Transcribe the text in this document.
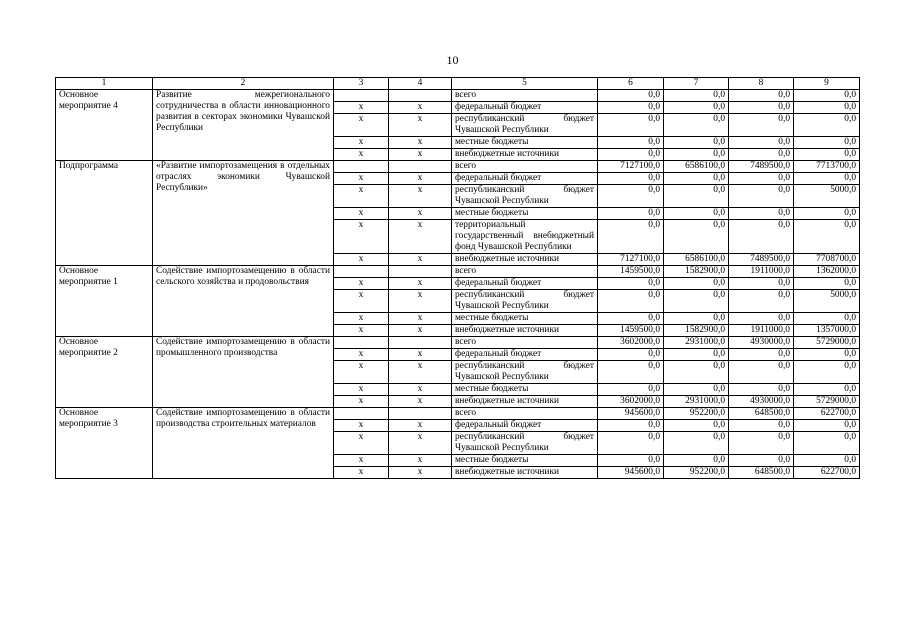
10
1	2	3	4	5	6	7	8	9
Основное мероприятие 4	Развитие межрегионального сотрудничества в области инновационного развития в секторах экономики Чувашской Республики			всего	0,0	0,0	0,0	0,0
		x	x	федеральный бюджет	0,0	0,0	0,0	0,0
		x	x	республиканский бюджет Чувашской Республики	0,0	0,0	0,0	0,0
		x	x	местные бюджеты	0,0	0,0	0,0	0,0
		x	x	внебюджетные источники	0,0	0,0	0,0	0,0
Подпрограмма	«Развитие импортозамещения в отдельных отраслях экономики Чувашской Республики»			всего	7127100,0	6586100,0	7489500,0	7713700,0
		x	x	федеральный бюджет	0,0	0,0	0,0	0,0
		x	x	республиканский бюджет Чувашской Республики	0,0	0,0	0,0	5000,0
		x	x	местные бюджеты	0,0	0,0	0,0	0,0
		x	x	территориальный государственный внебюджетный фонд Чувашской Республики	0,0	0,0	0,0	0,0
		x	x	внебюджетные источники	7127100,0	6586100,0	7489500,0	7708700,0
Основное мероприятие 1	Содействие импортозамещению в области сельского хозяйства и продовольствия			всего	1459500,0	1582900,0	1911000,0	1362000,0
		x	x	федеральный бюджет	0,0	0,0	0,0	0,0
		x	x	республиканский бюджет Чувашской Республики	0,0	0,0	0,0	5000,0
		x	x	местные бюджеты	0,0	0,0	0,0	0,0
		x	x	внебюджетные источники	1459500,0	1582900,0	1911000,0	1357000,0
Основное мероприятие 2	Содействие импортозамещению в области промышленного производства			всего	3602000,0	2931000,0	4930000,0	5729000,0
		x	x	федеральный бюджет	0,0	0,0	0,0	0,0
		x	x	республиканский бюджет Чувашской Республики	0,0	0,0	0,0	0,0
		x	x	местные бюджеты	0,0	0,0	0,0	0,0
		x	x	внебюджетные источники	3602000,0	2931000,0	4930000,0	5729000,0
Основное мероприятие 3	Содействие импортозамещению в области производства строительных материалов			всего	945600,0	952200,0	648500,0	622700,0
		x	x	федеральный бюджет	0,0	0,0	0,0	0,0
		x	x	республиканский бюджет Чувашской Республики	0,0	0,0	0,0	0,0
		x	x	местные бюджеты	0,0	0,0	0,0	0,0
		x	x	внебюджетные источники	945600,0	952200,0	648500,0	622700,0
